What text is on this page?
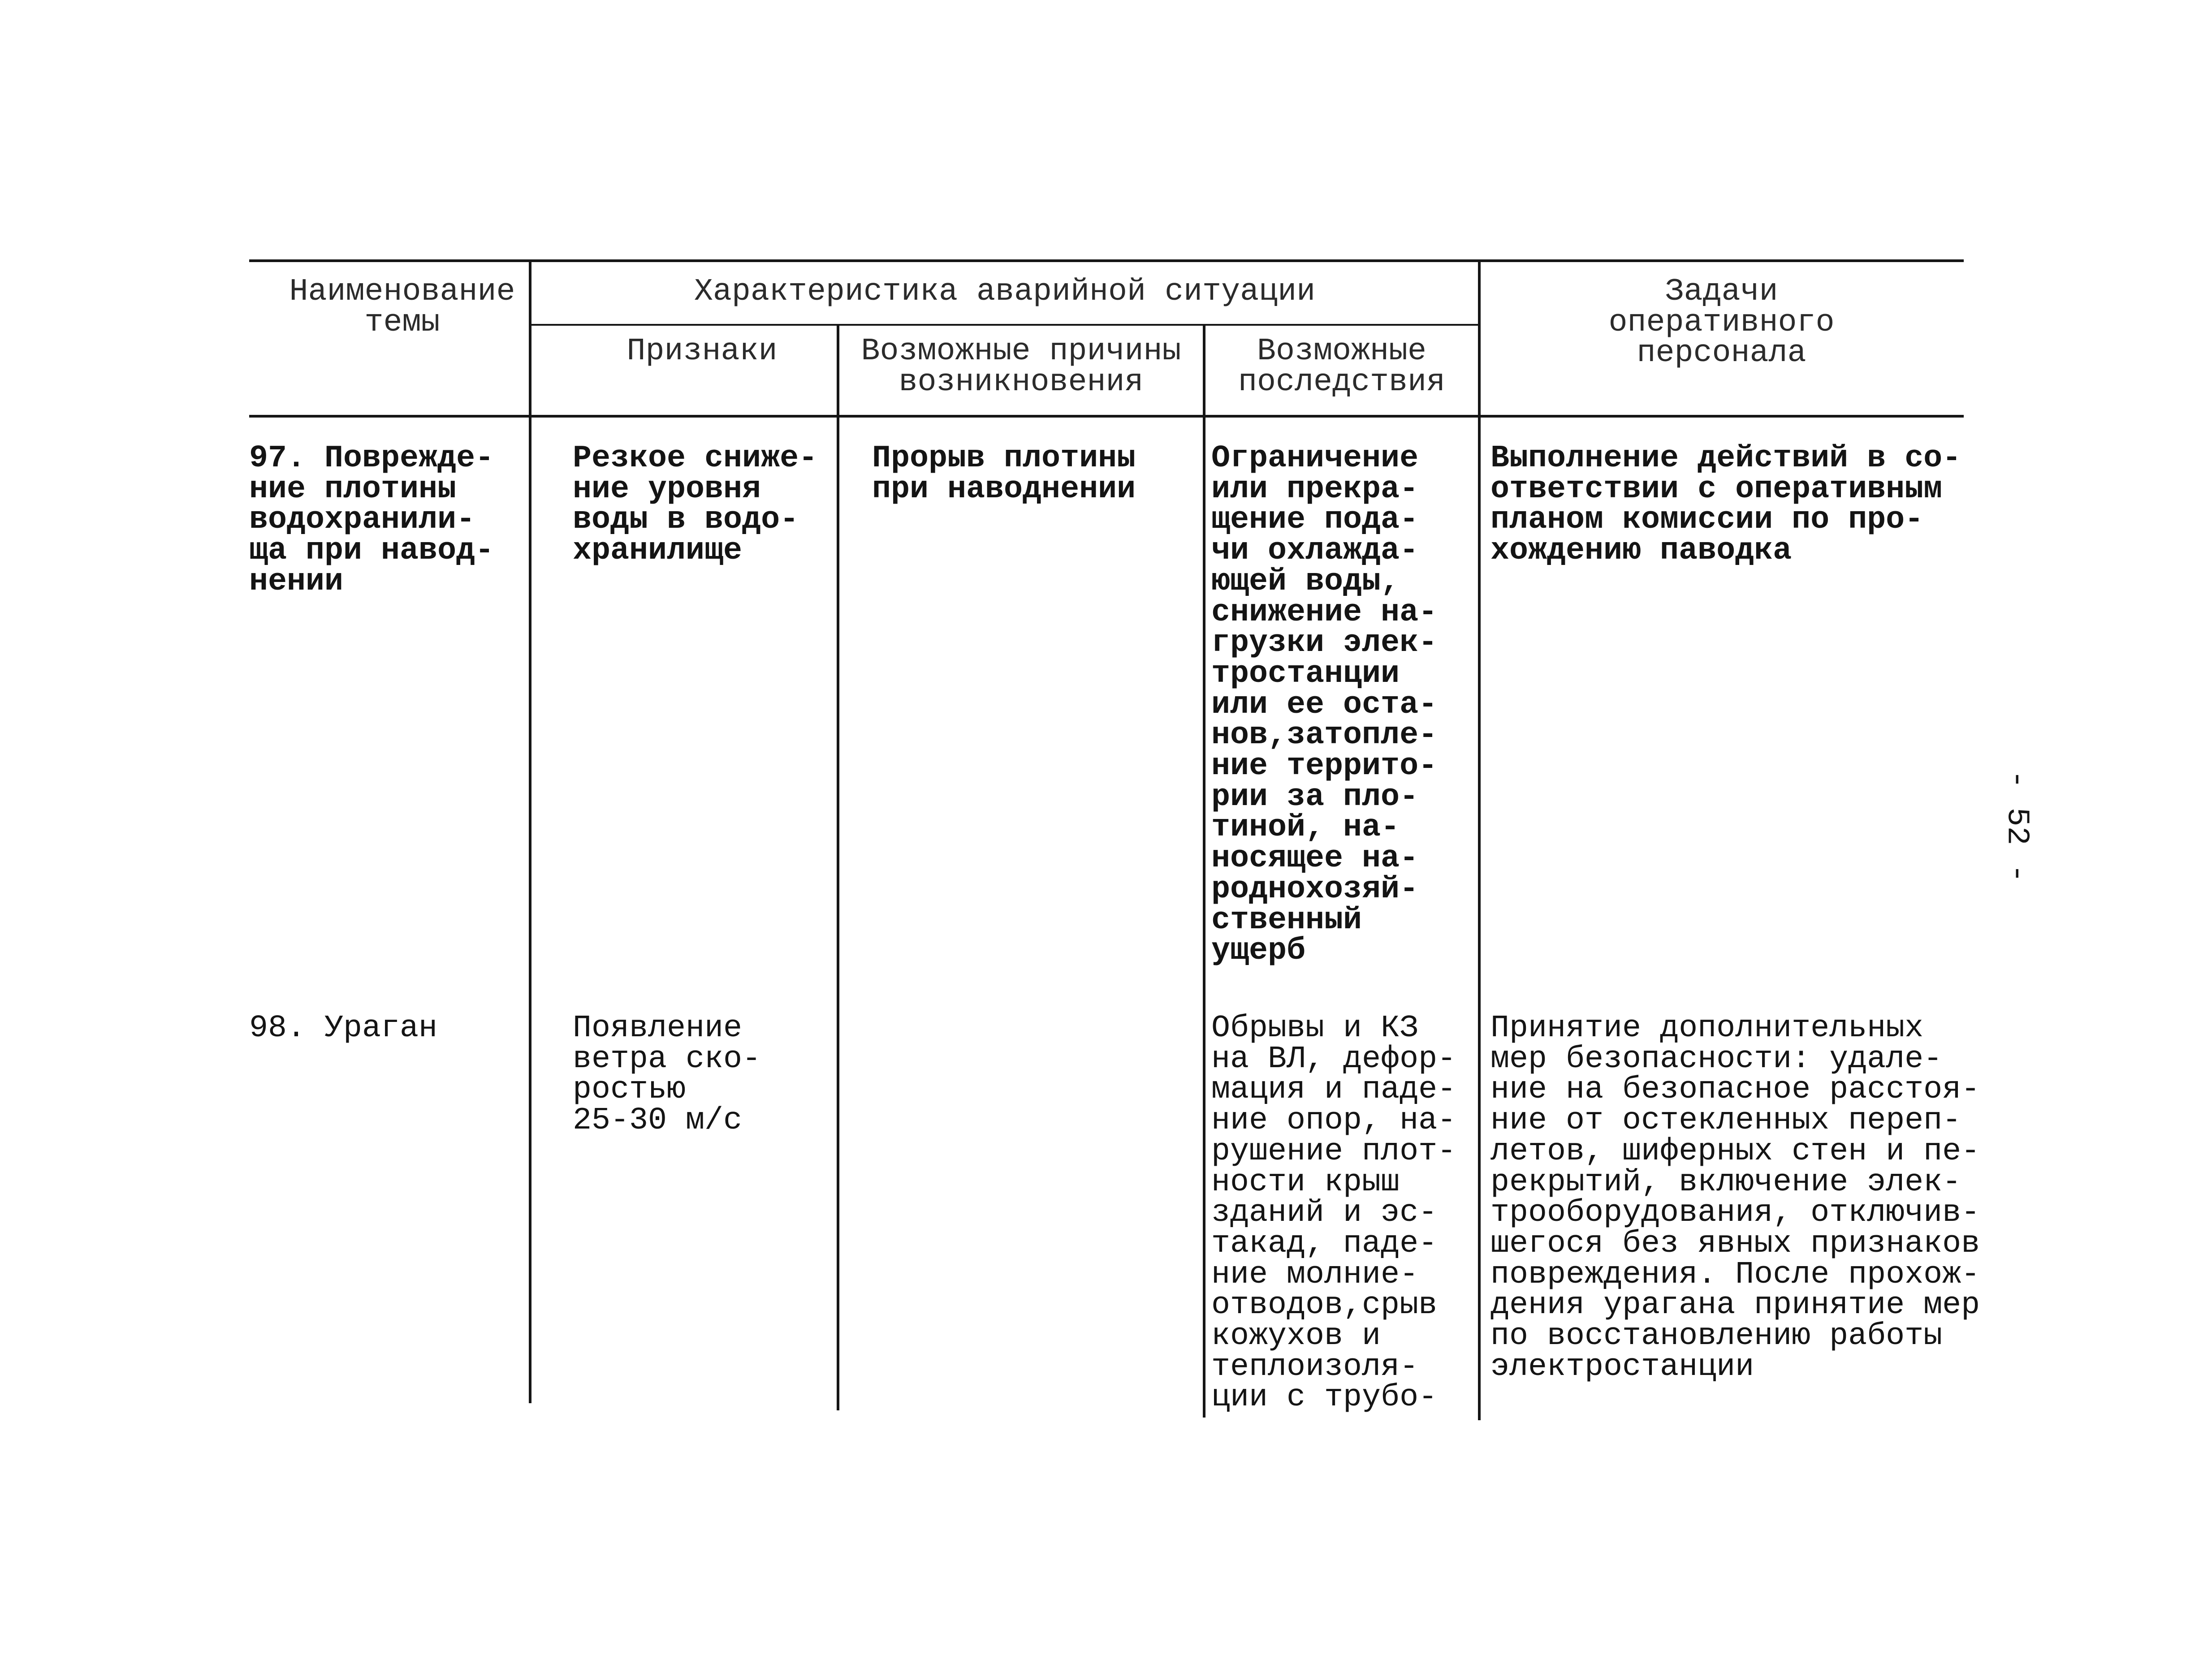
Наименование
темы
Характеристика аварийной ситуации
Признаки	Возможные причины
возникновения
Возможные
последствия
Задачи
оперативного
персонала
97. Поврежде-
ние плотины
водохранили-
ща при навод-
нении
Резкое сниже-
ние уровня
воды в водо-
хранилище
Прорыв плотины
при наводнении
Ограничение
или прекра-
щение пода-
чи охлажда-
ющей воды,
снижение на-
грузки элек-
тростанции
или ее оста-
нов,затопле-
ние террито-
рии за пло-
тиной, на-
носящее на-
роднохозяй-
ственный
ущерб
Выполнение действий в со-
ответствии с оперативным
планом комиссии по про-
хождению паводка
98. Ураган	Появление
ветра ско-
ростью
25-30 м/с
Обрывы и КЗ
на ВЛ, дефор-
мация и паде-
ние опор, на-
рушение плот-
ности крыш
зданий и эс-
такад, паде-
ние молние-
отводов,срыв
кожухов и
теплоизоля-
ции с трубо-
Принятие дополнительных
мер безопасности: удале-
ние на безопасное расстоя-
ние от остекленных переп-
летов, шиферных стен и пе-
рекрытий, включение элек-
трооборудования, отключив-
шегося без явных признаков
повреждения. После прохож-
дения урагана принятие мер
по восстановлению работы
электростанции
- 52 -
